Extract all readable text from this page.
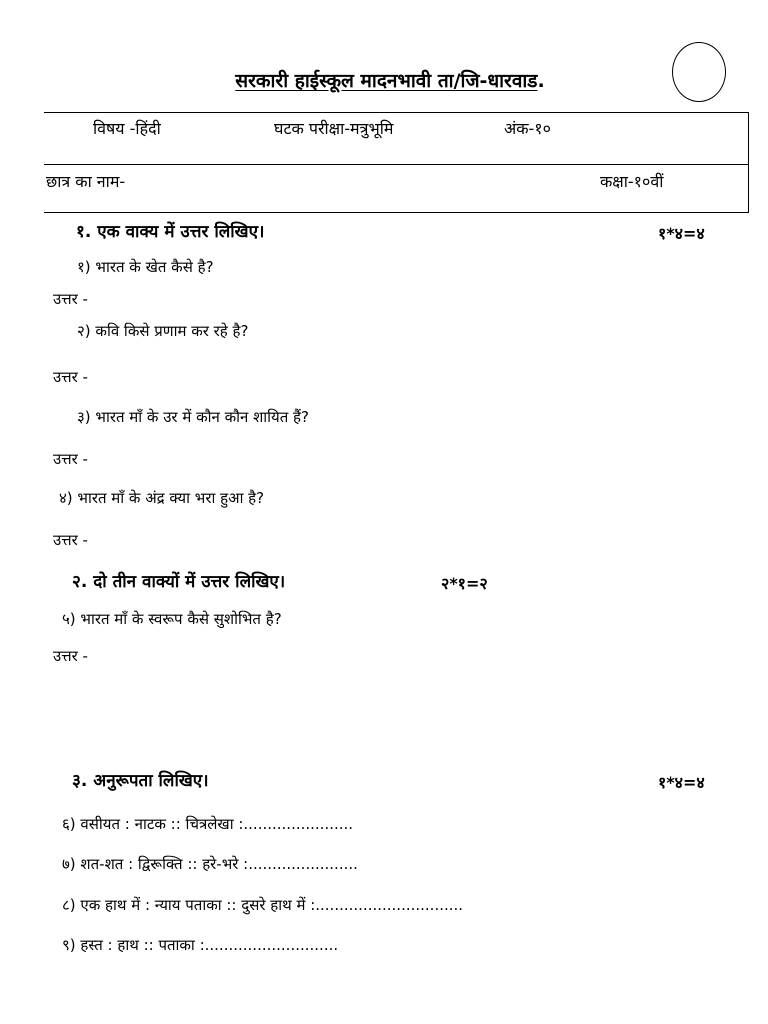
सरकारी हाईस्कूल मादनभावी ता/जि-धारवाड.
विषय -हिंदी	घटक परीक्षा-मत्रुभूमि	अंक-१०
छात्र का नाम-	कक्षा-१०वीं
१. एक वाक्य में उत्तर लिखिए।	१*४=४
१) भारत के खेत कैसे है?
उत्तर -
२) कवि किसे प्रणाम कर रहे है?
उत्तर -
३) भारत माँ के उर में कौन कौन शायित हैं?
उत्तर -
४) भारत माँ के अंद्र क्या भरा हुआ है?
उत्तर -
२. दो तीन वाक्यों में उत्तर लिखिए।	२*१=२
५) भारत माँ के स्वरूप कैसे सुशोभित है?
उत्तर -
३. अनुरूपता लिखिए।	१*४=४
६) वसीयत : नाटक :: चित्रलेखा :.......................
७) शत-शत : द्विरूक्ति :: हरे-भरे :.......................
८) एक हाथ में : न्याय पताका :: दुसरे हाथ में :...............................
९) हस्त : हाथ :: पताका :............................
